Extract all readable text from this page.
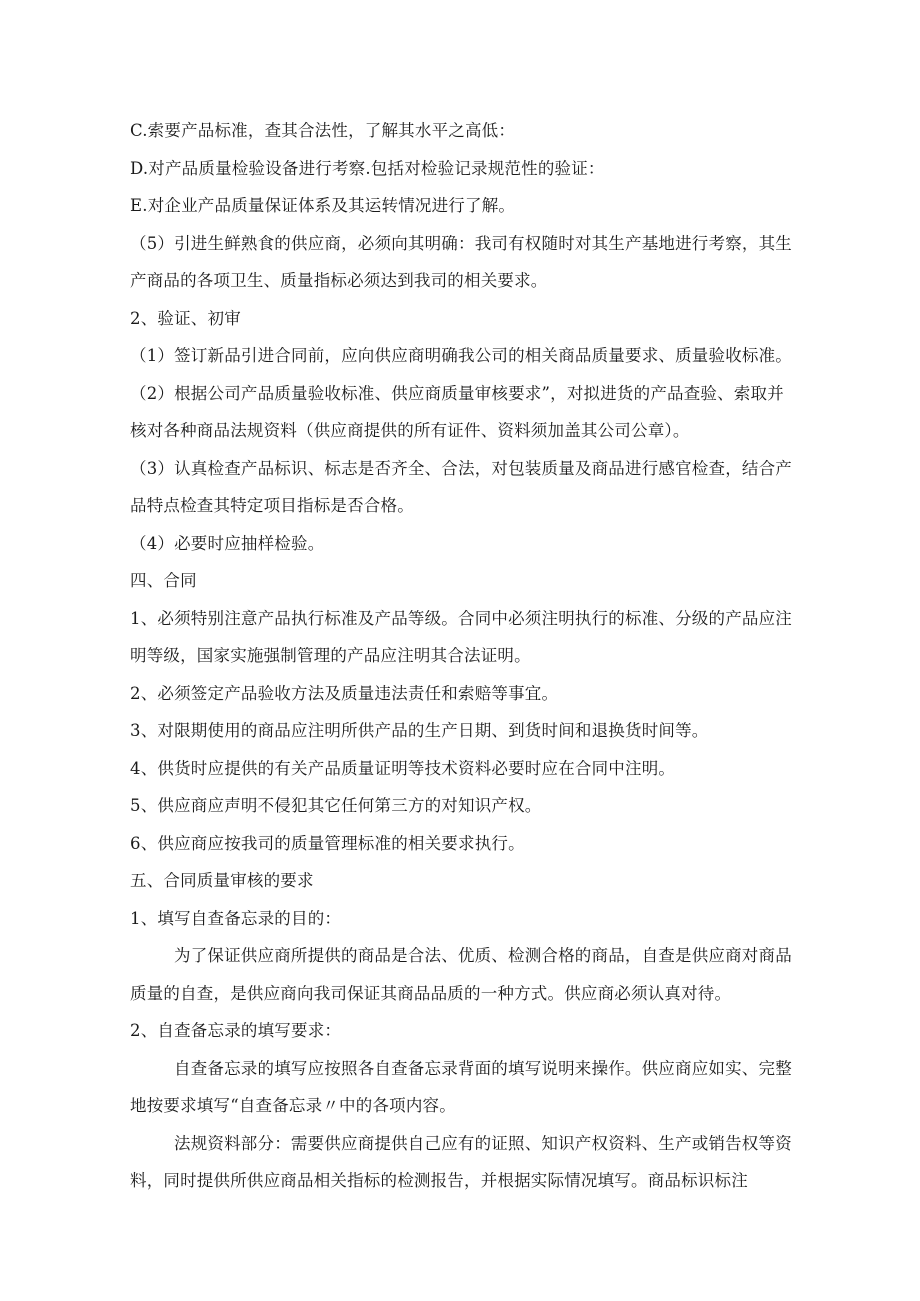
C.索要产品标准，查其合法性，了解其水平之高低：

D.对产品质量检验设备进行考察.包括对检验记录规范性的验证：

E.对企业产品质量保证体系及其运转情况进行了解。

（5）引进生鲜熟食的供应商，必须向其明确：我司有权随时对其生产基地进行考察，其生产商品的各项卫生、质量指标必须达到我司的相关要求。

2、验证、初审

（1）签订新品引进合同前，应向供应商明确我公司的相关商品质量要求、质量验收标准。

（2）根据公司产品质量验收标准、供应商质量审核要求”，对拟进货的产品查验、索取并核对各种商品法规资料（供应商提供的所有证件、资料须加盖其公司公章）。

（3）认真检查产品标识、标志是否齐全、合法，对包装质量及商品进行感官检查，结合产品特点检查其特定项目指标是否合格。

（4）必要时应抽样检验。

四、合同

1、必须特别注意产品执行标准及产品等级。合同中必须注明执行的标准、分级的产品应注明等级，国家实施强制管理的产品应注明其合法证明。

2、必须签定产品验收方法及质量违法责任和索赔等事宜。

3、对限期使用的商品应注明所供产品的生产日期、到货时间和退换货时间等。

4、供货时应提供的有关产品质量证明等技术资料必要时应在合同中注明。

5、供应商应声明不侵犯其它任何第三方的对知识产权。

6、供应商应按我司的质量管理标准的相关要求执行。

五、合同质量审核的要求

1、填写自查备忘录的目的：

为了保证供应商所提供的商品是合法、优质、检测合格的商品，自查是供应商对商品质量的自查，是供应商向我司保证其商品品质的一种方式。供应商必须认真对待。

2、自查备忘录的填写要求：

自查备忘录的填写应按照各自查备忘录背面的填写说明来操作。供应商应如实、完整地按要求填写“自查备忘录〃中的各项内容。

法规资料部分：需要供应商提供自己应有的证照、知识产权资料、生产或销告权等资料，同时提供所供应商品相关指标的检测报告，并根据实际情况填写。商品标识标注
